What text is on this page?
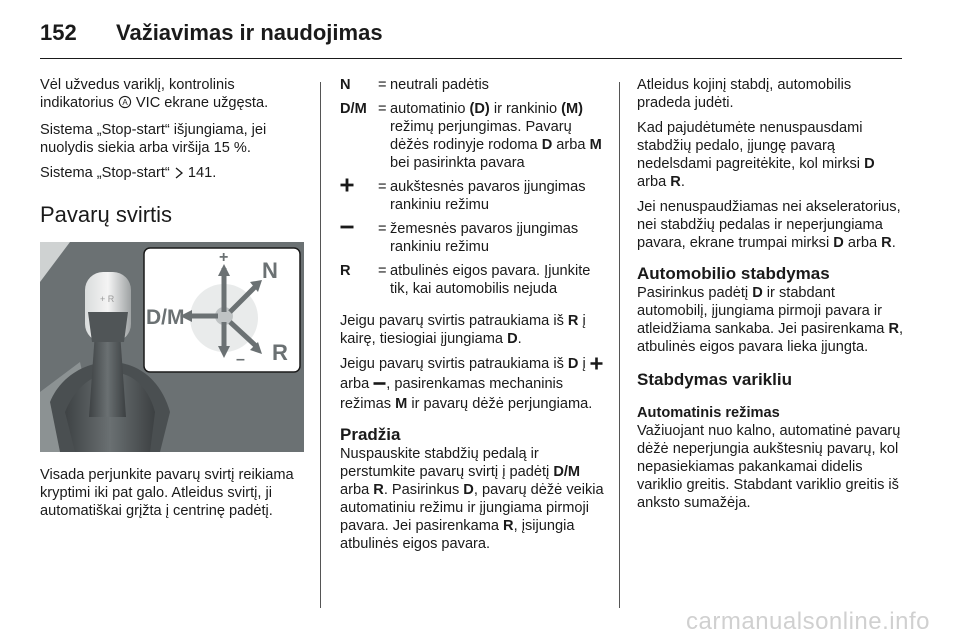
152 Važiavimas ir naudojimas

Vėl užvedus variklį, kontrolinis indikatorius A VIC ekrane užgęsta.

Sistema „Stop-start“ išjungiama, jei nuolydis siekia arba viršija 15 %.

Sistema „Stop-start“  141.

Pavarų svirtis
+ R
+
N
D/M
R
–

Visada perjunkite pavarų svirtį reikiama kryptimi iki pat galo. Atleidus svirtį, ji automatiškai grįžta į centrinę padėtį.

N	= neutrali padėtis
D/M = automatinio (D) ir rankinio (M) režimų perjungimas. Pavarų dėžės rodinyje rodoma D arba M bei pasirinkta pavara
= aukštesnės pavaros įjungimas rankiniu režimu
= žemesnės pavaros įjungimas rankiniu režimu
R	= atbulinės eigos pavara. Įjunkite tik, kai automobilis nejuda

Jeigu pavarų svirtis patraukiama iš R į kairę, tiesiogiai įjungiama D.

Jeigu pavarų svirtis patraukiama iš D į  arba , pasirenkamas mechaninis režimas M ir pavarų dėžė perjungiama.

Pradžia

Nuspauskite stabdžių pedalą ir perstumkite pavarų svirtį į padėtį D/M arba R. Pasirinkus D, pavarų dėžė veikia automatiniu režimu ir įjungiama pirmoji pavara. Jei pasirenkama R, įsijungia atbulinės eigos pavara.

Atleidus kojinį stabdį, automobilis pradeda judėti.

Kad pajudėtumėte nenuspausdami stabdžių pedalo, įjungę pavarą nedelsdami pagreitėkite, kol mirksi D arba R.

Jei nenuspaudžiamas nei akseleratorius, nei stabdžių pedalas ir neperjungiama pavara, ekrane trumpai mirksi D arba R.

Automobilio stabdymas

Pasirinkus padėtį D ir stabdant automobilį, įjungiama pirmoji pavara ir atleidžiama sankaba. Jei pasirenkama R, atbulinės eigos pavara lieka įjungta.

Stabdymas varikliu
Automatinis režimas

Važiuojant nuo kalno, automatinė pavarų dėžė neperjungia aukštesnių pavarų, kol nepasiekiamas pakankamai didelis variklio greitis. Stabdant variklio greitis iš anksto sumažėja.

carmanualsonline.info
